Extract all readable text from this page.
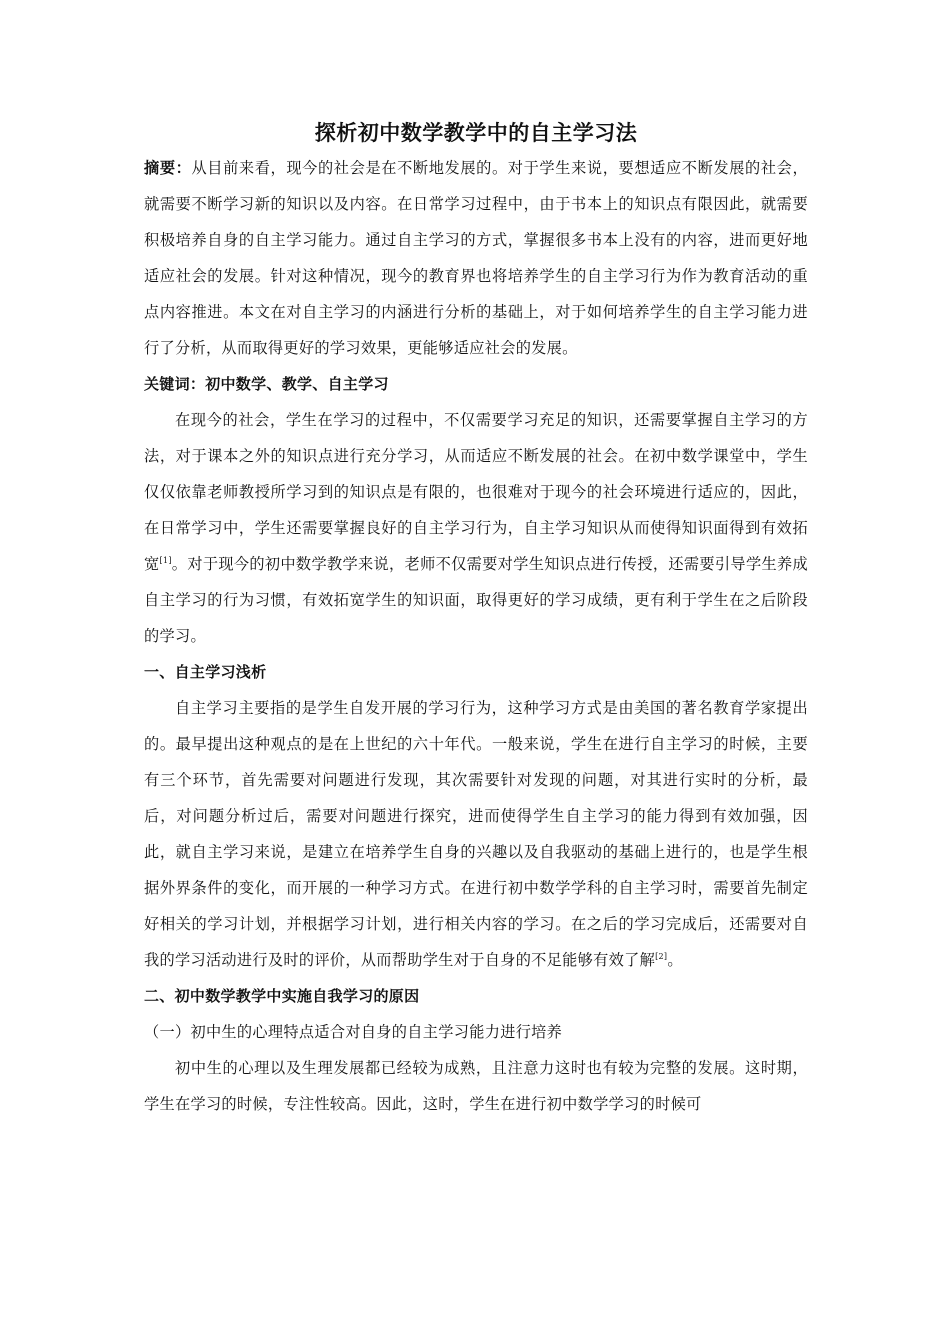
探析初中数学教学中的自主学习法

摘要：从目前来看，现今的社会是在不断地发展的。对于学生来说，要想适应不断发展的社会，就需要不断学习新的知识以及内容。在日常学习过程中，由于书本上的知识点有限因此，就需要积极培养自身的自主学习能力。通过自主学习的方式，掌握很多书本上没有的内容，进而更好地适应社会的发展。针对这种情况，现今的教育界也将培养学生的自主学习行为作为教育活动的重点内容推进。本文在对自主学习的内涵进行分析的基础上，对于如何培养学生的自主学习能力进行了分析，从而取得更好的学习效果，更能够适应社会的发展。

关键词：初中数学、教学、自主学习

在现今的社会，学生在学习的过程中，不仅需要学习充足的知识，还需要掌握自主学习的方法，对于课本之外的知识点进行充分学习，从而适应不断发展的社会。在初中数学课堂中，学生仅仅依靠老师教授所学习到的知识点是有限的，也很难对于现今的社会环境进行适应的，因此，在日常学习中，学生还需要掌握良好的自主学习行为，自主学习知识从而使得知识面得到有效拓宽[1]。对于现今的初中数学教学来说，老师不仅需要对学生知识点进行传授，还需要引导学生养成自主学习的行为习惯，有效拓宽学生的知识面，取得更好的学习成绩，更有利于学生在之后阶段的学习。

一、自主学习浅析

自主学习主要指的是学生自发开展的学习行为，这种学习方式是由美国的著名教育学家提出的。最早提出这种观点的是在上世纪的六十年代。一般来说，学生在进行自主学习的时候，主要有三个环节，首先需要对问题进行发现，其次需要针对发现的问题，对其进行实时的分析，最后，对问题分析过后，需要对问题进行探究，进而使得学生自主学习的能力得到有效加强，因此，就自主学习来说，是建立在培养学生自身的兴趣以及自我驱动的基础上进行的，也是学生根据外界条件的变化，而开展的一种学习方式。在进行初中数学学科的自主学习时，需要首先制定好相关的学习计划，并根据学习计划，进行相关内容的学习。在之后的学习完成后，还需要对自我的学习活动进行及时的评价，从而帮助学生对于自身的不足能够有效了解[2]。

二、初中数学教学中实施自我学习的原因

（一）初中生的心理特点适合对自身的自主学习能力进行培养

初中生的心理以及生理发展都已经较为成熟，且注意力这时也有较为完整的发展。这时期，学生在学习的时候，专注性较高。因此，这时，学生在进行初中数学学习的时候可
